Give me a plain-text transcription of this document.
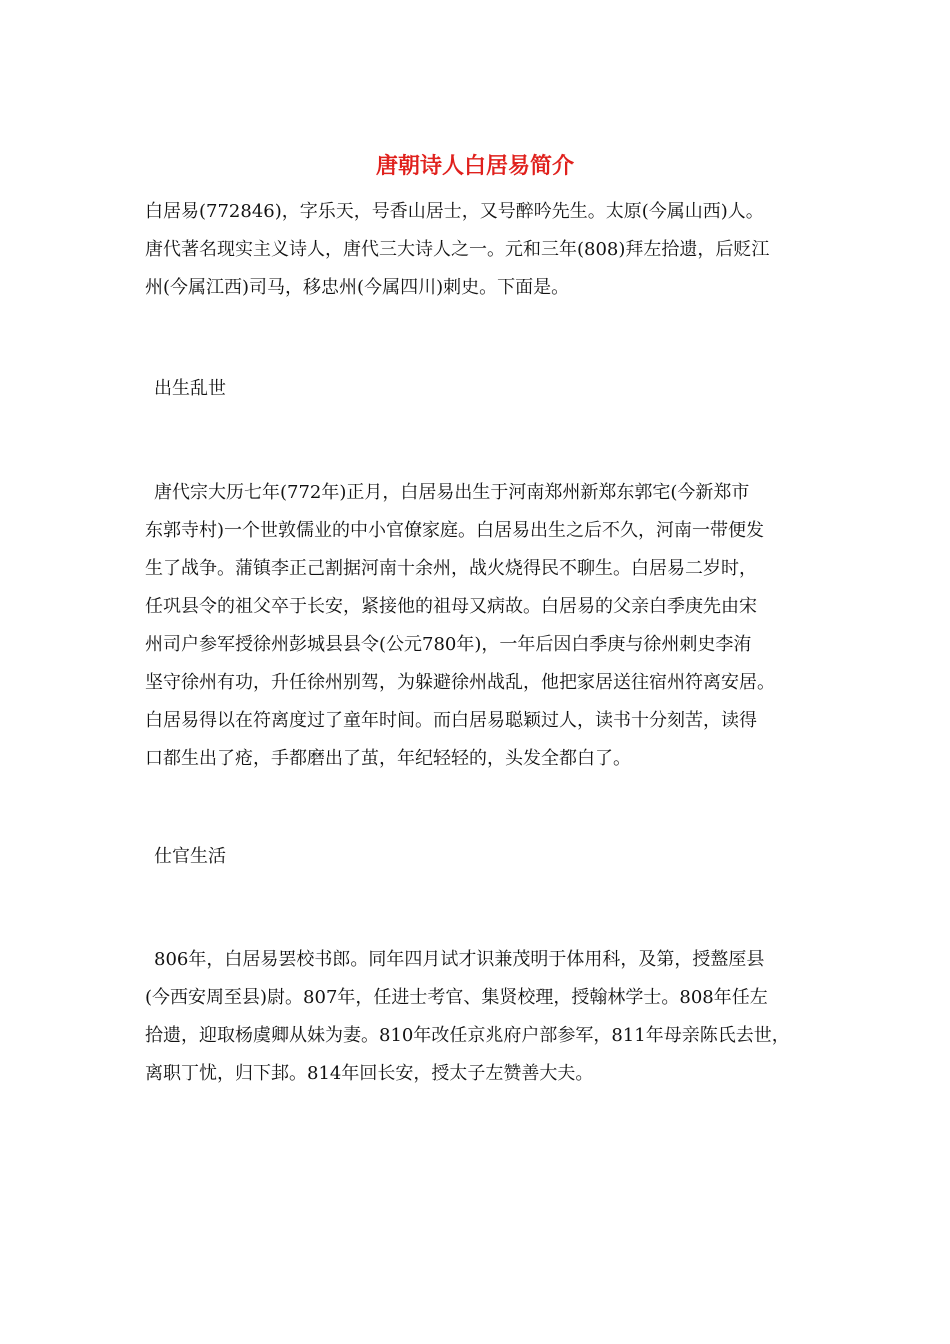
唐朝诗人白居易简介
白居易(772846)，字乐天，号香山居士，又号醉吟先生。太原(今属山西)人。
唐代著名现实主义诗人，唐代三大诗人之一。元和三年(808)拜左拾遗，后贬江
州(今属江西)司马，移忠州(今属四川)刺史。下面是。
出生乱世
唐代宗大历七年(772年)正月，白居易出生于河南郑州新郑东郭宅(今新郑市
东郭寺村)一个世敦儒业的中小官僚家庭。白居易出生之后不久，河南一带便发
生了战争。蒲镇李正己割据河南十余州，战火烧得民不聊生。白居易二岁时，
任巩县令的祖父卒于长安，紧接他的祖母又病故。白居易的父亲白季庚先由宋
州司户参军授徐州彭城县县令(公元780年)，一年后因白季庚与徐州刺史李洧
坚守徐州有功，升任徐州别驾，为躲避徐州战乱，他把家居送往宿州符离安居。
白居易得以在符离度过了童年时间。而白居易聪颖过人，读书十分刻苦，读得
口都生出了疮，手都磨出了茧，年纪轻轻的，头发全都白了。
仕官生活
806年，白居易罢校书郎。同年四月试才识兼茂明于体用科，及第，授盩厔县
(今西安周至县)尉。807年，任进士考官、集贤校理，授翰林学士。808年任左
拾遗，迎取杨虞卿从妹为妻。810年改任京兆府户部参军，811年母亲陈氏去世，
离职丁忧，归下邽。814年回长安，授太子左赞善大夫。
